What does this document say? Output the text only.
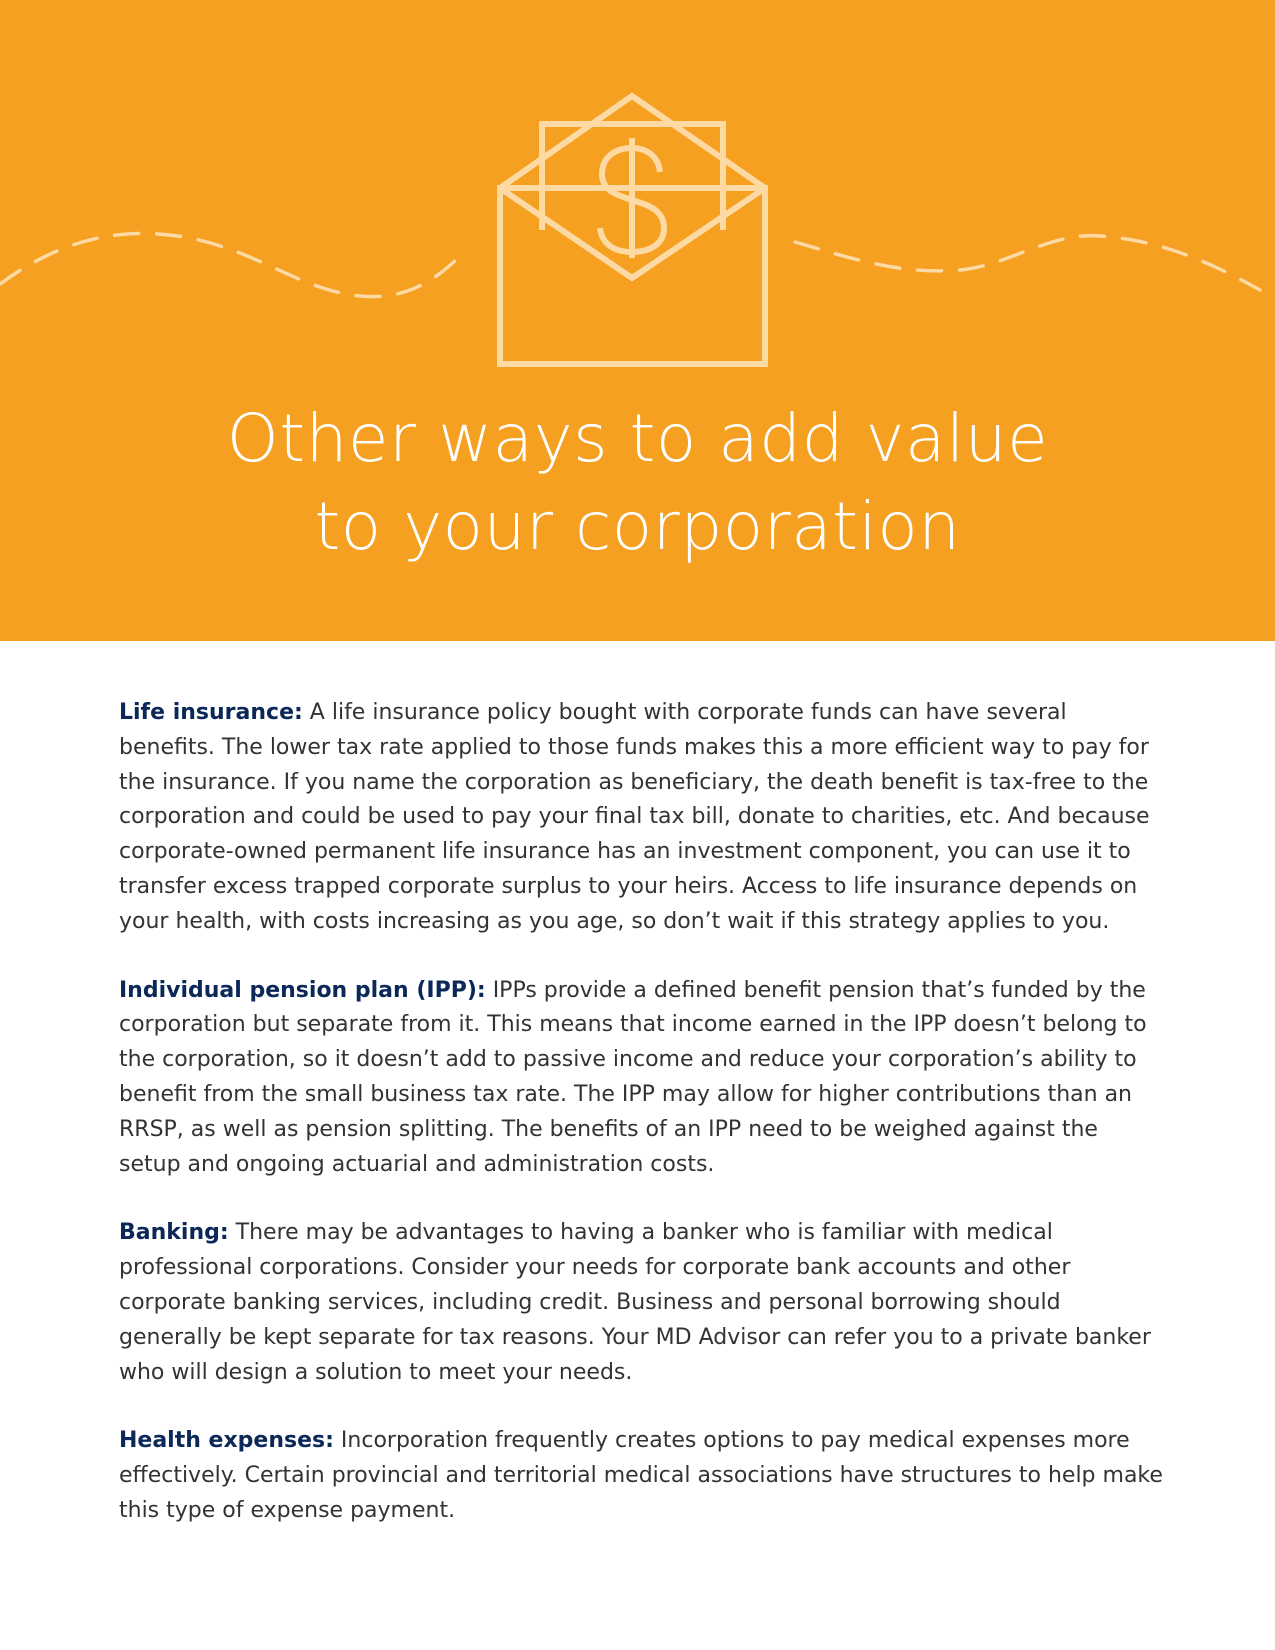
Other ways to add value
to your corporation

Life insurance: A life insurance policy bought with corporate funds can have several benefits. The lower tax rate applied to those funds makes this a more efficient way to pay for the insurance. If you name the corporation as beneficiary, the death benefit is tax-free to the corporation and could be used to pay your final tax bill, donate to charities, etc. And because corporate-owned permanent life insurance has an investment component, you can use it to transfer excess trapped corporate surplus to your heirs. Access to life insurance depends on your health, with costs increasing as you age, so don’t wait if this strategy applies to you.

Individual pension plan (IPP): IPPs provide a defined benefit pension that’s funded by the corporation but separate from it. This means that income earned in the IPP doesn’t belong to the corporation, so it doesn’t add to passive income and reduce your corporation’s ability to benefit from the small business tax rate. The IPP may allow for higher contributions than an RRSP, as well as pension splitting. The benefits of an IPP need to be weighed against the setup and ongoing actuarial and administration costs.

Banking: There may be advantages to having a banker who is familiar with medical professional corporations. Consider your needs for corporate bank accounts and other corporate banking services, including credit. Business and personal borrowing should generally be kept separate for tax reasons. Your MD Advisor can refer you to a private banker who will design a solution to meet your needs.

Health expenses: Incorporation frequently creates options to pay medical expenses more effectively. Certain provincial and territorial medical associations have structures to help make this type of expense payment.
